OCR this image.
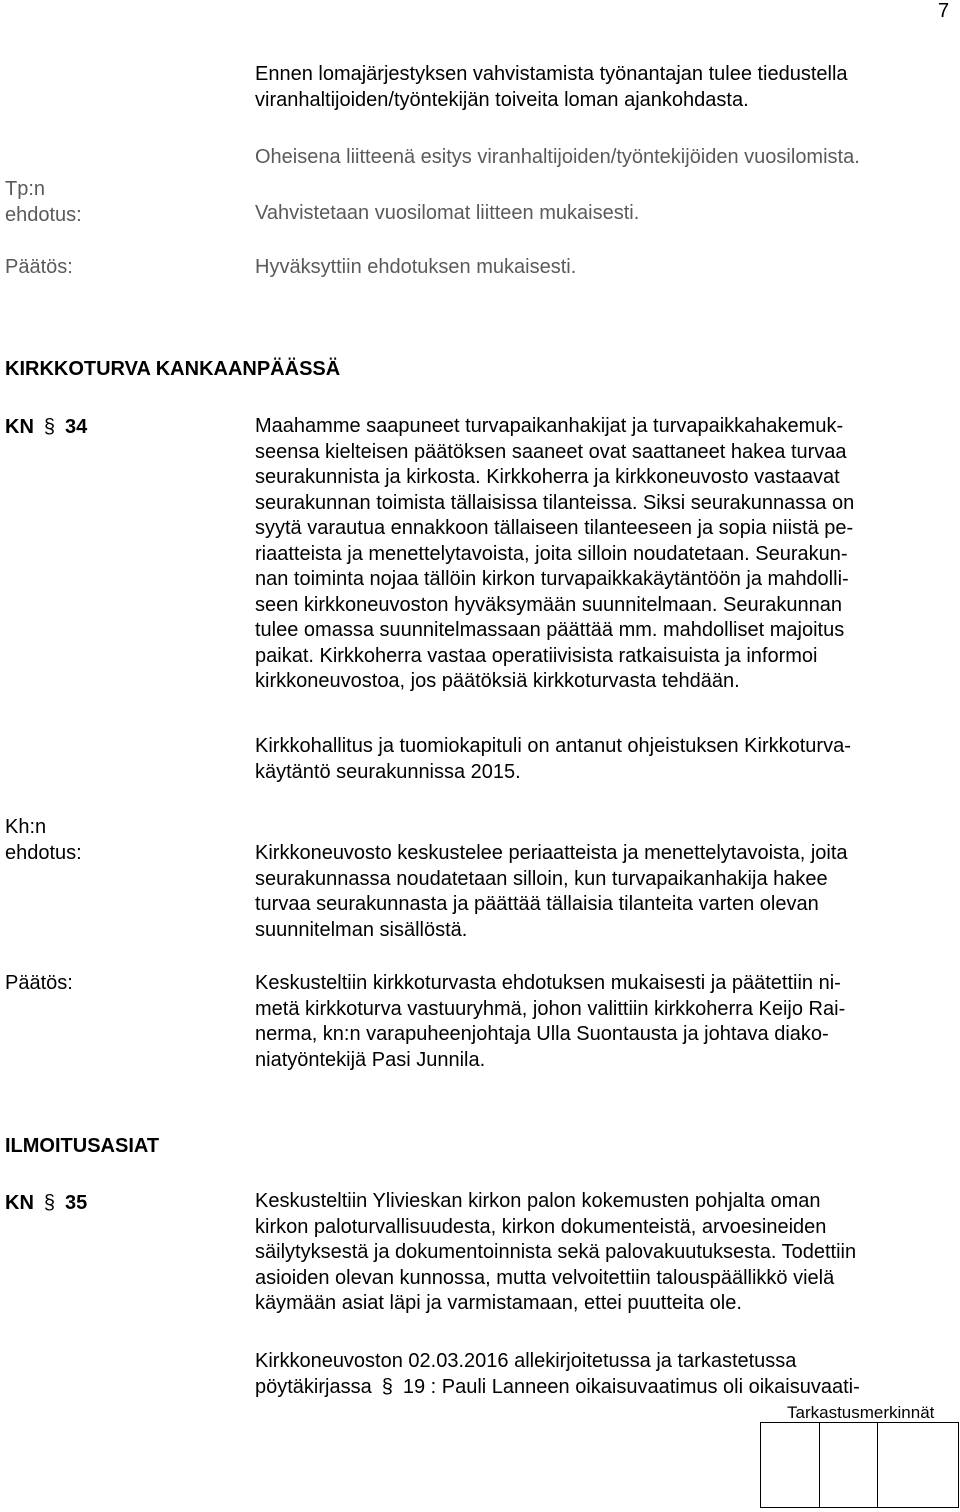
7
Ennen lomajärjestyksen vahvistamista työnantajan tulee tiedustella
viranhaltijoiden/työntekijän toiveita loman ajankohdasta.
Oheisena liitteenä esitys viranhaltijoiden/työntekijöiden vuosilomista.
Tp:n
ehdotus:	Vahvistetaan vuosilomat liitteen mukaisesti.
Päätös:	Hyväksyttiin ehdotuksen mukaisesti.
KIRKKOTURVA KANKAANPÄÄSSÄ
KN § 34	Maahamme saapuneet turvapaikanhakijat ja turvapaikkahakemuk-
seensa kielteisen päätöksen saaneet ovat saattaneet hakea turvaa
seurakunnista ja kirkosta. Kirkkoherra ja kirkkoneuvosto vastaavat
seurakunnan toimista tällaisissa tilanteissa. Siksi seurakunnassa on
syytä varautua ennakkoon tällaiseen tilanteeseen ja sopia niistä pe-
riaatteista ja menettelytavoista, joita silloin noudatetaan. Seurakun-
nan toiminta nojaa tällöin kirkon turvapaikkakäytäntöön ja mahdolli-
seen kirkkoneuvoston hyväksymään suunnitelmaan. Seurakunnan
tulee omassa suunnitelmassaan päättää mm. mahdolliset majoitus
paikat. Kirkkoherra vastaa operatiivisista ratkaisuista ja informoi
kirkkoneuvostoa, jos päätöksiä kirkkoturvasta tehdään.
Kirkkohallitus ja tuomiokapituli on antanut ohjeistuksen Kirkkoturva-
käytäntö seurakunnissa 2015.
Kh:n
ehdotus:	Kirkkoneuvosto keskustelee periaatteista ja menettelytavoista, joita
seurakunnassa noudatetaan silloin, kun turvapaikanhakija hakee
turvaa seurakunnasta ja päättää tällaisia tilanteita varten olevan
suunnitelman sisällöstä.
Päätös:	Keskusteltiin kirkkoturvasta ehdotuksen mukaisesti ja päätettiin ni-
metä kirkkoturva vastuuryhmä, johon valittiin kirkkoherra Keijo Rai-
nerma, kn:n varapuheenjohtaja Ulla Suontausta ja johtava diako-
niatyöntekijä Pasi Junnila.
ILMOITUSASIAT
KN § 35	Keskusteltiin Ylivieskan kirkon palon kokemusten pohjalta oman
kirkon paloturvallisuudesta, kirkon dokumenteistä, arvoesineiden
säilytyksestä ja dokumentoinnista sekä palovakuutuksesta. Todettiin
asioiden olevan kunnossa, mutta velvoitettiin talouspäällikkö vielä
käymään asiat läpi ja varmistamaan, ettei puutteita ole.
Kirkkoneuvoston 02.03.2016 allekirjoitetussa ja tarkastetussa
pöytäkirjassa § 19 : Pauli Lanneen oikaisuvaatimus oli oikaisuvaati-
Tarkastusmerkinnät
